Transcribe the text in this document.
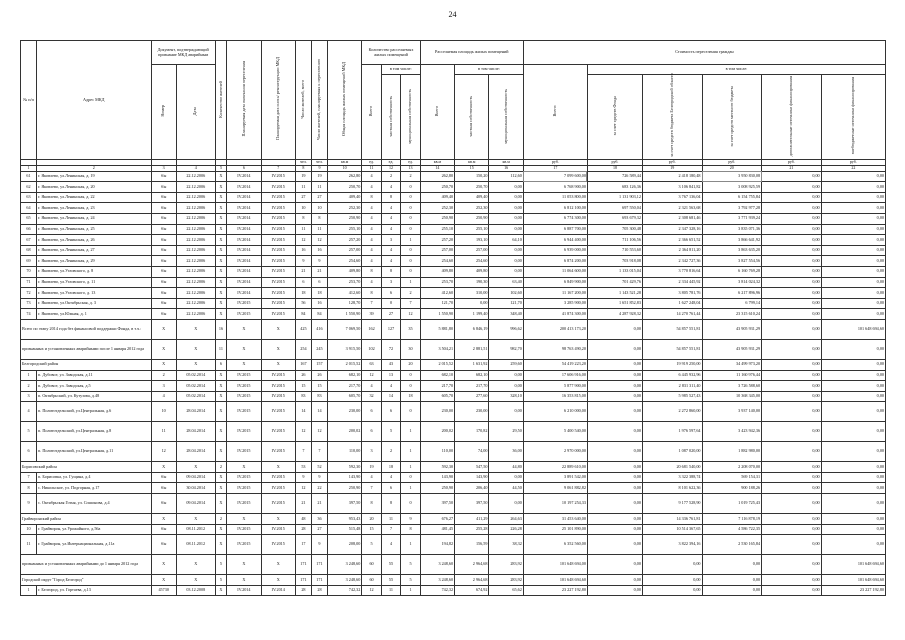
24
№ п/п	Адрес МКД	Документ, подтверждающий признание МКД аварийным		Количество жителей	Планируемая дата окончания переселения	Планируемая дата сноса/ реконструкции МКД	Число жителей, всего	Число жителей, планируемых к переселению	Общая площадь жилых помещений МКД	Количество расселяемых жилых помещений			Расселяемая площадь жилых помещений			Стоимость переселения граждан					
		Номер	Дата							Всего	в том числе:		Всего	в том числе:		Всего:	в том числе:				
											частная собственность	муниципальная собственность		частная собственность	муниципальная собственность		за счет средств Фонда	за счет средств бюджета Белгородской области	за счет средств местного бюджета	дополнительные источники финансирования	внебюджетные источники финансирования
							чел.	чел.	кв.м	ед.	ед.	ед.	кв.м	кв.м	кв.м	руб.	руб.	руб.	руб.	руб.	руб.
1	2	3	4	5	6	7	8	9	10	11	12	13	14	15	16	17	18	19	20	21	22
61	г. Яковлево, ул.Ленинская, д. 19	б/н	22.12.2006	X	IV.2014	IV.2015	19	19	262,80	4	2	2	262,80	150,20	112,60	7 099 600,00	726 589,44	2 418 180,48	3 950 830,08	0,00	0,00
62	г. Яковлево, ул.Ленинская, д. 20	б/н	22.12.2006	X	IV.2014	IV.2015	11	11	250,70	4	4	0	250,70	250,70	0,00	6 768 900,00	683 126,36	3 106 841,82	3 008 925,59	0,00	0,00
63	г. Яковлево, ул.Ленинская, д. 22	б/н	22.12.2006	X	IV.2014	IV.2015	27	27	409,40	8	8	0	409,40	409,40	0,00	11 053 800,00	1 131 903,12	3 767 136,04	6 154 755,84	0,00	0,00
64	г. Яковлево, ул.Ленинская, д. 23	б/н	22.12.2006	X	IV.2014	IV.2015	10	10	252,30	4	4	0	252,30	252,30	0,00	6 812 100,00	697 550,04	2 321 563,68	3 792 977,28	0,00	0,00
65	г. Яковлево, ул.Ленинская, д. 24	б/н	22.12.2006	X	IV.2014	IV.2015	8	8	250,90	4	4	0	250,90	250,90	0,00	6 774 300,00	693 679,32	2 308 681,46	3 771 939,24	0,00	0,00
66	г. Яковлево, ул.Ленинская, д. 25	б/н	22.12.2006	X	IV.2014	IV.2015	11	11	255,10	4	4	0	255,10	255,10	0,00	6 887 700,00	705 300,48	2 347 328,16	3 835 071,36	0,00	0,00
67	г. Яковлево, ул.Ленинская, д. 26	б/н	22.12.2006	X	IV.2014	IV.2015	12	12	257,20	4	3	1	257,20	193,10	64,10	6 944 400,00	711 106,56	2 366 651,52	3 866 641,92	0,00	0,00
68	г. Яковлево, ул.Ленинская, д. 27	б/н	22.12.2006	X	IV.2014	IV.2015	16	16	257,00	4	4	0	257,00	257,00	0,00	6 939 000,00	710 553,60	2 364 811,20	3 863 635,20	0,00	0,00
69	г. Яковлево, ул.Ленинская, д. 29	б/н	22.12.2006	X	IV.2014	IV.2015	9	9	254,60	4	4	0	254,60	254,60	0,00	6 874 200,00	703 918,08	2 342 727,36	3 827 554,56	0,00	0,00
70	г. Яковлево, ул.Угловского, д. 8	б/н	22.12.2006	X	IV.2014	IV.2015	21	21	409,80	8	8	0	409,80	409,80	0,00	11 064 600,00	1 133 015,04	3 770 816,64	6 160 769,28	0,00	0,00
71	г. Яковлево, ул.Угловского, д. 11	б/н	22.12.2006	X	IV.2014	IV.2015	6	6	253,70	4	3	1	253,70	190,30	63,40	6 849 900,00	701 429,76	2 334 445,92	3 814 024,32	0,00	0,00
72	г. Яковлево, ул.Угловского, д. 13	б/н	22.12.2006	X	IV.2014	IV.2015	18	18	412,60	8	6	2	412,60	310,00	102,60	11 167 200,00	1 143 521,28	3 805 781,76	6 217 896,96	0,00	0,00
73	г. Яковлево, ул.Октябрьская, д. 3	б/н	22.12.2006	X	IV.2015	IV.2015	56	16	128,70	7	0	7	121,70	0,00	121,70	3 285 900,00	1 651 852,83	1 627 248,04	6 799,14	0,00	0,00
74	г. Яковлево, ул.Южная, д. 1	б/н	22.12.2006	X	IV.2015	IV.2015	84	84	1 550,90	39	27	12	1 550,90	1 199,40	348,40	41 874 300,00	4 287 928,32	14 270 761,44	23 315 610,24	0,00	0,00
Всего по этапу 2014 года без финансовой поддержки Фонда, в т.ч.:		X	X	16	X	X	425	416	7 069,50	162	127	35	5 881,80	6 846,19	996,62	200 413 173,20	0,00	54 857 551,81	43 905 931,29	0,00	101 648 694,60
признанных и установленных аварийными после 1 января 2012 года		X	X	11	X	X	254	245	3 915,50	102	72	30	3 504,21	2 881,51	982,70	98 763 490,20	0,00	54 857 551,81	43 905 931,29	0,00	0,00
Белгородский район		X	X	6	X	X	167	157	2 015,52	63	43	20	2 015,52	1 631,92	259,60	54 419 223,20	0,00	19 919 250,00	34 499 973,20	0,00	0,00
1	п. Дубовое, ул. Заводская, д.11	2	05.02.2014	X	IV.2015	IV.2015	26	26	682,10	12	13	0	682,10	682,10	0,00	17 606 916,00	0,00	6 445 932,96	11 160 976,44	0,00	0,00
2	п. Дубовое, ул. Заводская, д.5	3	05.02.2014	X	IV.2015	IV.2015	15	15	217,70	4	4	0	217,70	217,70	0,00	5 877 900,00	0,00	2 831 311,40	3 726 588,60	0,00	0,00
3	п. Октябрьский, ул. Кутузова, д.48	4	05.02.2014	X	IV.2015	IV.2015	83	83	605,70	32	14	18	605,70	277,60	328,10	16 353 815,00	0,00	5 985 527,43	10 368 345,00	0,00	0,00
4	п. Политотдельский, ул.Центральная, д.6	10	28.04.2014	X	IV.2015	IV.2015	14	14	230,00	6	6	0	230,00	230,00	0,00	6 210 000,00	0,00	2 272 860,00	3 937 140,00	0,00	0,00
5	п. Политотдельский, ул.Центральная, д.8	11	28.04.2014	X	IV.2015	IV.2015	12	12	200,02	6	5	1	200,02	170,82	29,50	5 400 540,00	0,00	1 976 597,64	3 423 942,36	0,00	0,00
6	п. Политотдельский, ул.Центральная, д.11	12	28.04.2014	X	IV.2015	IV.2015	7	7	110,00	3	2	1	110,00	74,00	36,00	2 970 000,00	0,00	1 087 020,00	1 882 980,00	0,00	0,00
Борисовский район		X	X	2	X	X	53	52	592,30	19	18	1	592,30	547,50	44,80	22 889 610,00	0,00	20 681 540,00	2 208 070,00	0,00	0,00
7	п. Борисовка, ул. Гущина, д.4	б/н	09.04.2014	X	IV.2015	IV.2015	9	9	143,90	4	4	0	143,90	143,90	0,00	3 891 542,00	0,00	3 322 388,74	569 154,31	0,00	0,00
8	с. Никольское, ул. Подгорная, д.17	б/н	30.04.2014	X	IV.2015	IV.2015	12	22	250,90	7	6	1	250,90	206,40	44,50	9 061 882,82	0,00	8 101 622,36	900 188,26	0,00	0,00
9	с. Октябрьская Готня, ул. Спшонова, д.4	б/н	09.04.2014	X	IV.2015	IV.2015	21	21	397,50	8	8	0	397,50	397,50	0,00	10 197 254,33	0,00	9 177 528,90	1 019 725,43	0,00	0,00
Грайворонский район		X	X	2	X	X	48	36	953,43	20	11	9	676,27	411,29	264,63	31 453 640,00	0,00	14 336 761,81	7 116 878,19	0,00	0,00
10	г. Грайворон, ул.Урожайного, д.56а	б/н	08.11.2012	X	IV.2015	IV.2015	28	27	515,48	15	7	8	481,45	255,28	226,28	25 101 890,00	0,00	10 514 367,65	4 586 722,35	0,00	0,00
11	г. Грайворон, ул.Интернациональная, д.11а	б/н	08.11.2012	X	IV.2015	IV.2015	17	9	208,00	5	4	1	194,82	156,59	38,32	6 352 560,00	0,00	3 822 394,16	2 530 165,84	0,00	0,00
признанных и установленных аварийными до 1 января 2012 года		X	X	5	X	X	171	171	3 248,60	60	55	5	3 248,60	2 964,68	283,92	101 648 694,00	0,00	0,00	0,00	0,00	101 648 694,60
Городской округ "Город Белгород"		X	X	5	X	X	171	171	3 248,60	60	55	5	3 248,60	2 964,68	283,92	101 648 694,60	0,00	0,00	0,00	0,00	101 648 694,60
1	г. Белгород, ул. Гортаева, д.13	45730	03.12.2008	X	IV.2014	IV.2014	28	28	742,32	12	11	1	742,32	674,92	65,62	23 227 192,80	0,00	0,00	0,00	0,00	23 227 192,80
